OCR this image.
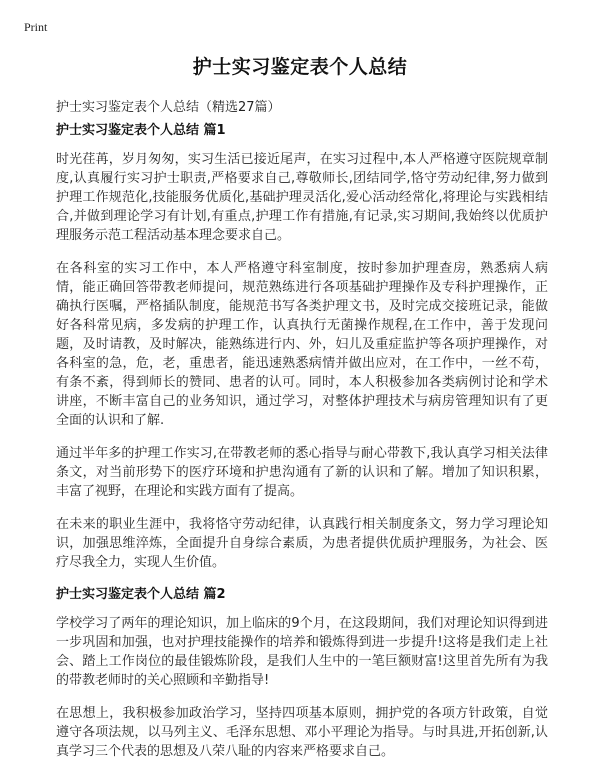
Print
护士实习鉴定表个人总结
护士实习鉴定表个人总结（精选27篇）
护士实习鉴定表个人总结 篇1

时光荏苒，岁月匆匆，实习生活已接近尾声，在实习过程中,本人严格遵守医院规章制度,认真履行实习护士职责,严格要求自己,尊敬师长,团结同学,恪守劳动纪律,努力做到护理工作规范化,技能服务优质化,基础护理灵活化,爱心活动经常化,将理论与实践相结合,并做到理论学习有计划,有重点,护理工作有措施,有记录,实习期间,我始终以优质护理服务示范工程活动基本理念要求自己。

在各科室的实习工作中，本人严格遵守科室制度，按时参加护理查房，熟悉病人病情，能正确回答带教老师提问，规范熟练进行各项基础护理操作及专科护理操作，正确执行医嘱，严格插队制度，能规范书写各类护理文书，及时完成交接班记录，能做好各科常见病，多发病的护理工作，认真执行无菌操作规程,在工作中，善于发现问题，及时请教，及时解决，能熟练进行内、外，妇儿及重症监护等各项护理操作，对各科室的急，危，老，重患者，能迅速熟悉病情并做出应对，在工作中，一丝不苟，有条不紊，得到师长的赞同、患者的认可。同时，本人积极参加各类病例讨论和学术讲座，不断丰富自己的业务知识，通过学习，对整体护理技术与病房管理知识有了更全面的认识和了解.

通过半年多的护理工作实习,在带教老师的悉心指导与耐心带教下,我认真学习相关法律条文，对当前形势下的医疗环境和护患沟通有了新的认识和了解。增加了知识积累，丰富了视野，在理论和实践方面有了提高。

在未来的职业生涯中，我将恪守劳动纪律，认真践行相关制度条文，努力学习理论知识，加强思维淬炼，全面提升自身综合素质，为患者提供优质护理服务，为社会、医疗尽我全力，实现人生价值。

护士实习鉴定表个人总结 篇2

学校学习了两年的理论知识，加上临床的9个月，在这段期间，我们对理论知识得到进一步巩固和加强，也对护理技能操作的培养和锻炼得到进一步提升!这将是我们走上社会、踏上工作岗位的最佳锻炼阶段，是我们人生中的一笔巨额财富!这里首先所有为我的带教老师时的关心照顾和辛勤指导!

在思想上，我积极参加政治学习，坚持四项基本原则，拥护党的各项方针政策，自觉遵守各项法规，以马列主义、毛泽东思想、邓小平理论为指导。与时具进,开拓创新,认真学习三个代表的思想及八荣八耻的内容来严格要求自己。
